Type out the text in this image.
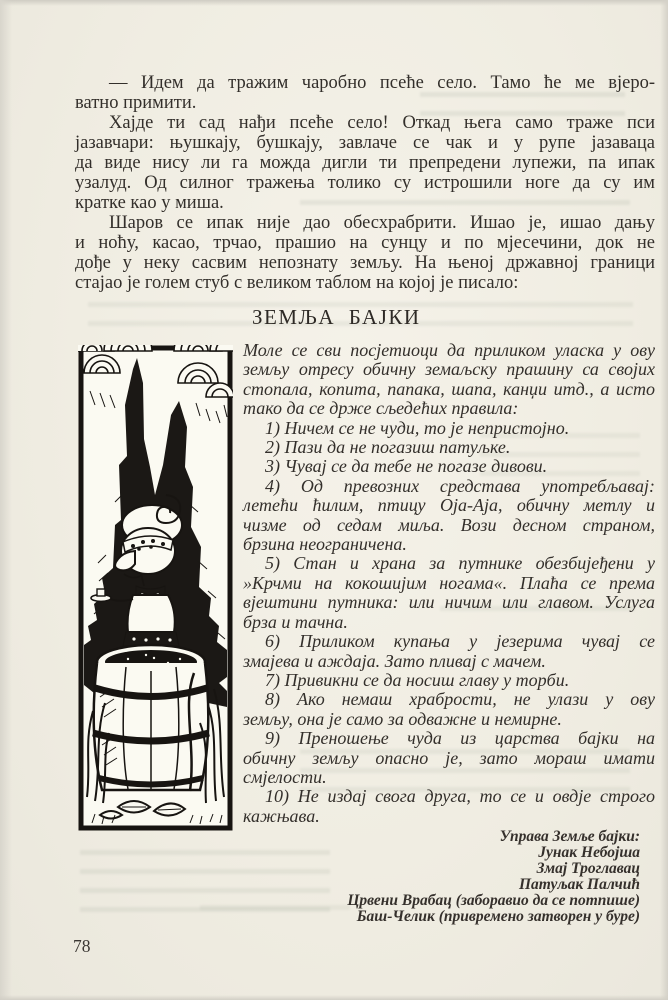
— Идем да тражим чаробно псеће село. Тамо ће ме вјеро-
ватно примити.
Хајде ти сад нађи псеће село! Откад њега само траже пси
јазавчари: њушкају, бушкају, завлаче се чак и у рупе јазаваца
да виде нису ли га можда дигли ти препредени лупежи, па ипак
узалуд. Од силног тражења толико су истрошили ноге да су им
кратке као у миша.
Шаров се ипак није дао обесхрабрити. Ишао је, ишао дању
и ноћу, касао, трчао, прашио на сунцу и по мјесечини, док не
дође у неку сасвим непознату земљу. На њеној државној граници
стајао је голем стуб с великом таблом на којој је писало:
ЗЕМЉА БАЈКИ
Моле се сви посјетиоци да приликом уласка у ову
земљу отресу обичну земаљску прашину са својих
стопала, копита, папака, шапа, канџи итд., а исто
тако да се држе сљедећих правила:
1) Ничем се не чуди, то је непристојно.
2) Пази да не погазиш патуљке.
3) Чувај се да тебе не погазе дивови.
4) Од превозних средстава употребљавај:
летећи ћилим, птицу Оја-Аја, обичну метлу и
чизме од седам миља. Вози десном страном,
брзина неограничена.
5) Стан и храна за путнике обезбијеђени у
»Крчми на кокошијим ногама«. Плаћа се према
вјештини путника: или ничим или главом. Услуга
брза и тачна.
6) Приликом купања у језерима чувај се
змајева и аждаја. Зато пливај с мачем.
7) Привикни се да носиш главу у торби.
8) Ако немаш храбрости, не улази у ову
земљу, она је само за одважне и немирне.
9) Преношење чуда из царства бајки на
обичну земљу опасно је, зато мораш имати
смјелости.
10) Не издај свога друга, то се и овдје строго
кажњава.
Управа Земље бајки:
Јунак Небојша
Змај Троглавац
Патуљак Палчић
Црвени Врабац (заборавио да се потпише)
Баш-Челик (привремено затворен у буре)
78
